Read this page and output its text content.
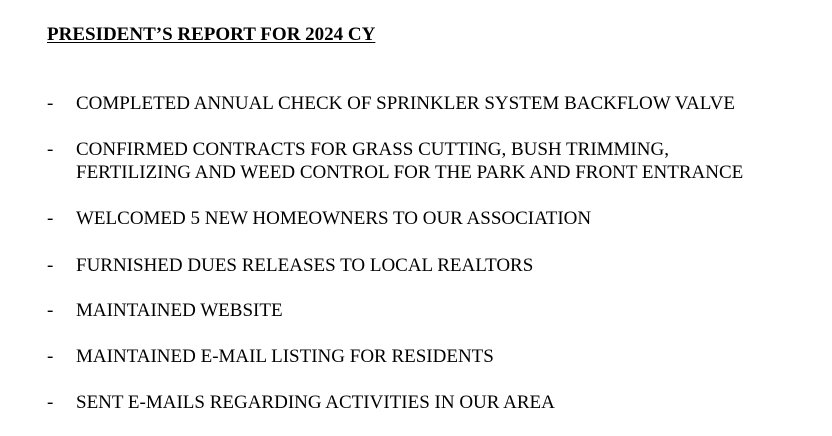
PRESIDENT’S REPORT FOR 2024 CY
- COMPLETED ANNUAL CHECK OF SPRINKLER SYSTEM BACKFLOW VALVE
- CONFIRMED CONTRACTS FOR GRASS CUTTING, BUSH TRIMMING,
FERTILIZING AND WEED CONTROL FOR THE PARK AND FRONT ENTRANCE
- WELCOMED 5 NEW HOMEOWNERS TO OUR ASSOCIATION
- FURNISHED DUES RELEASES TO LOCAL REALTORS
- MAINTAINED WEBSITE
- MAINTAINED E-MAIL LISTING FOR RESIDENTS
- SENT E-MAILS REGARDING ACTIVITIES IN OUR AREA
